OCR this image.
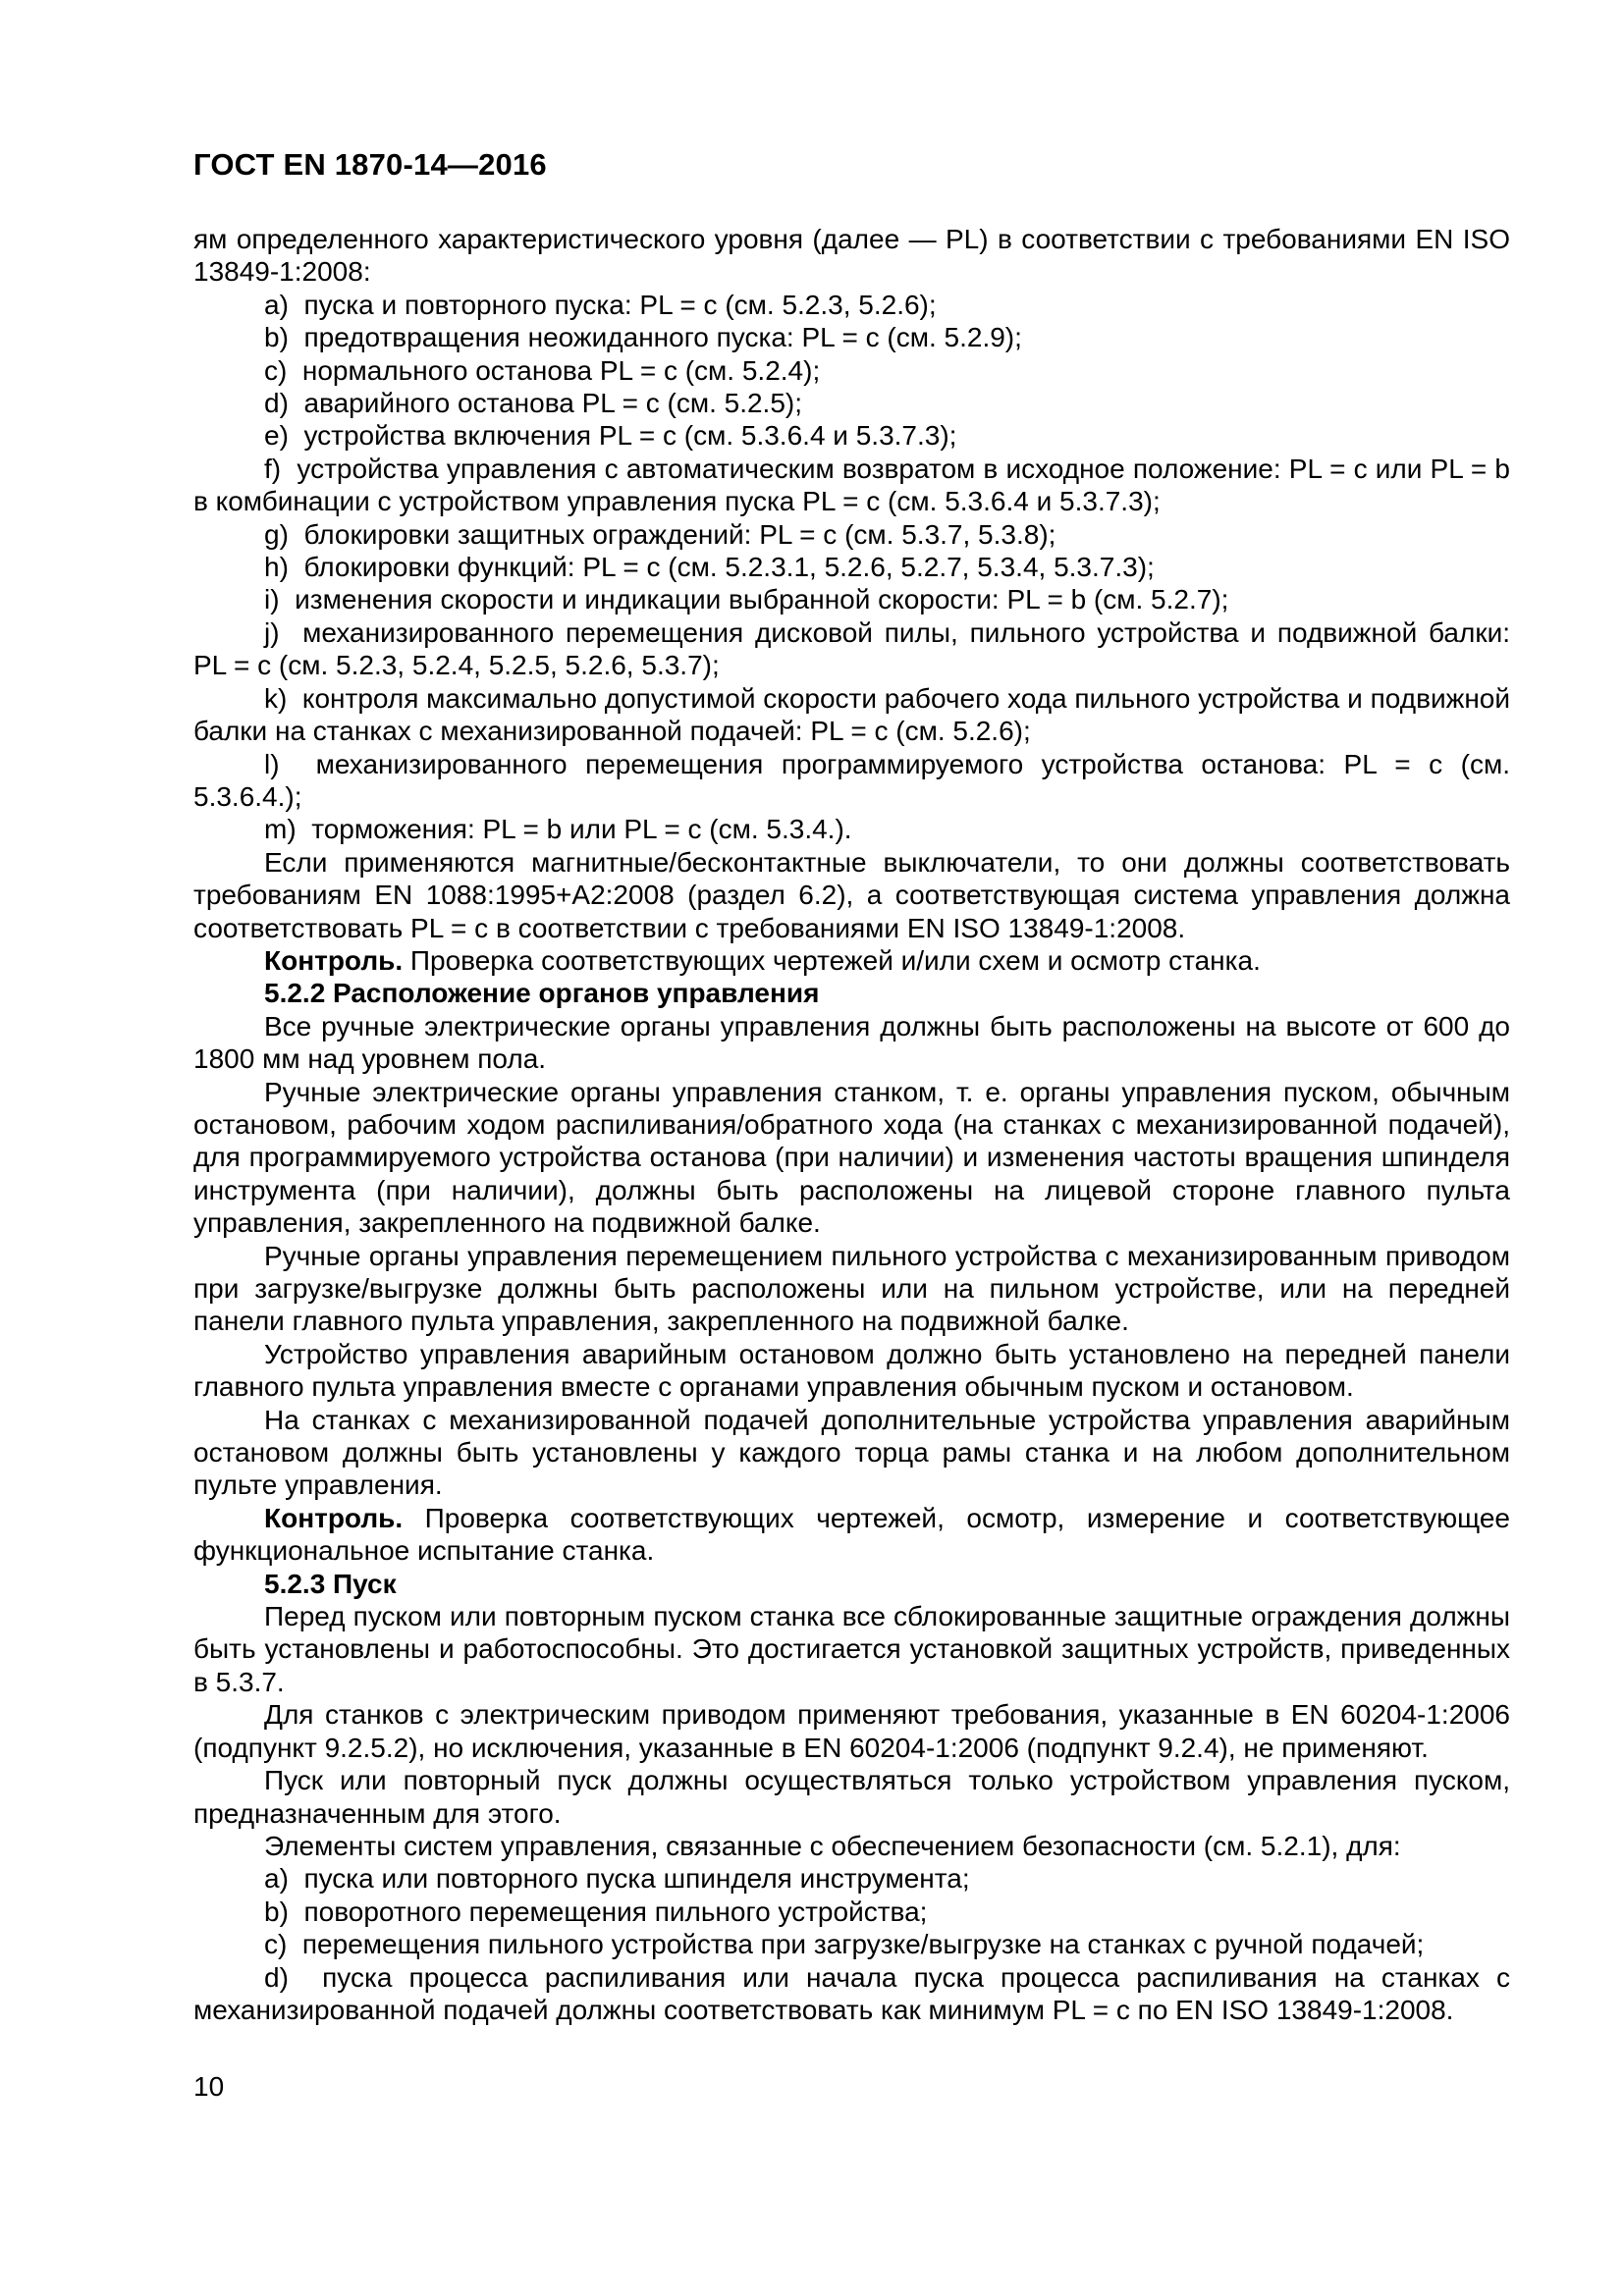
ГОСТ EN 1870-14—2016

ям определенного характеристического уровня (далее — PL) в соответствии с требованиями EN ISO 13849-1:2008:

a)  пуска и повторного пуска: PL = c (см. 5.2.3, 5.2.6);

b)  предотвращения неожиданного пуска: PL = c (см. 5.2.9);

c)  нормального останова PL = c (см. 5.2.4);

d)  аварийного останова PL = c (см. 5.2.5);

e)  устройства включения PL = c (см. 5.3.6.4 и 5.3.7.3);

f)  устройства управления с автоматическим возвратом в исходное положение: PL = c или PL = b в комбинации с устройством управления пуска PL = c (см. 5.3.6.4 и 5.3.7.3);

g)  блокировки защитных ограждений: PL = c (см. 5.3.7, 5.3.8);

h)  блокировки функций: PL = c (см. 5.2.3.1, 5.2.6, 5.2.7, 5.3.4, 5.3.7.3);

i)  изменения скорости и индикации выбранной скорости: PL = b (см. 5.2.7);

j)  механизированного перемещения дисковой пилы, пильного устройства и подвижной балки: PL = c (см. 5.2.3, 5.2.4, 5.2.5, 5.2.6, 5.3.7);

k)  контроля максимально допустимой скорости рабочего хода пильного устройства и подвижной балки на станках с механизированной подачей: PL = c (см. 5.2.6);

l)  механизированного перемещения программируемого устройства останова: PL = c (см. 5.3.6.4.);

m)  торможения: PL = b или PL = c (см. 5.3.4.).

Если применяются магнитные/бесконтактные выключатели, то они должны соответствовать требованиям EN 1088:1995+A2:2008 (раздел 6.2), а соответствующая система управления должна соответствовать PL = c в соответствии с требованиями EN ISO 13849-1:2008.

Контроль. Проверка соответствующих чертежей и/или схем и осмотр станка.

5.2.2 Расположение органов управления

Все ручные электрические органы управления должны быть расположены на высоте от 600 до 1800 мм над уровнем пола.

Ручные электрические органы управления станком, т. е. органы управления пуском, обычным остановом, рабочим ходом распиливания/обратного хода (на станках с механизированной подачей), для программируемого устройства останова (при наличии) и изменения частоты вращения шпинделя инструмента (при наличии), должны быть расположены на лицевой стороне главного пульта управления, закрепленного на подвижной балке.

Ручные органы управления перемещением пильного устройства с механизированным приводом при загрузке/выгрузке должны быть расположены или на пильном устройстве, или на передней панели главного пульта управления, закрепленного на подвижной балке.

Устройство управления аварийным остановом должно быть установлено на передней панели главного пульта управления вместе с органами управления обычным пуском и остановом.

На станках с механизированной подачей дополнительные устройства управления аварийным остановом должны быть установлены у каждого торца рамы станка и на любом дополнительном пульте управления.

Контроль. Проверка соответствующих чертежей, осмотр, измерение и соответствующее функциональное испытание станка.

5.2.3 Пуск

Перед пуском или повторным пуском станка все сблокированные защитные ограждения должны быть установлены и работоспособны. Это достигается установкой защитных устройств, приведенных в 5.3.7.

Для станков с электрическим приводом применяют требования, указанные в EN 60204-1:2006 (подпункт 9.2.5.2), но исключения, указанные в EN 60204-1:2006 (подпункт 9.2.4), не применяют.

Пуск или повторный пуск должны осуществляться только устройством управления пуском, предназначенным для этого.

Элементы систем управления, связанные с обеспечением безопасности (см. 5.2.1), для:

a)  пуска или повторного пуска шпинделя инструмента;

b)  поворотного перемещения пильного устройства;

c)  перемещения пильного устройства при загрузке/выгрузке на станках с ручной подачей;

d)  пуска процесса распиливания или начала пуска процесса распиливания на станках с механизированной подачей должны соответствовать как минимум PL = c по EN ISO 13849-1:2008.

10
